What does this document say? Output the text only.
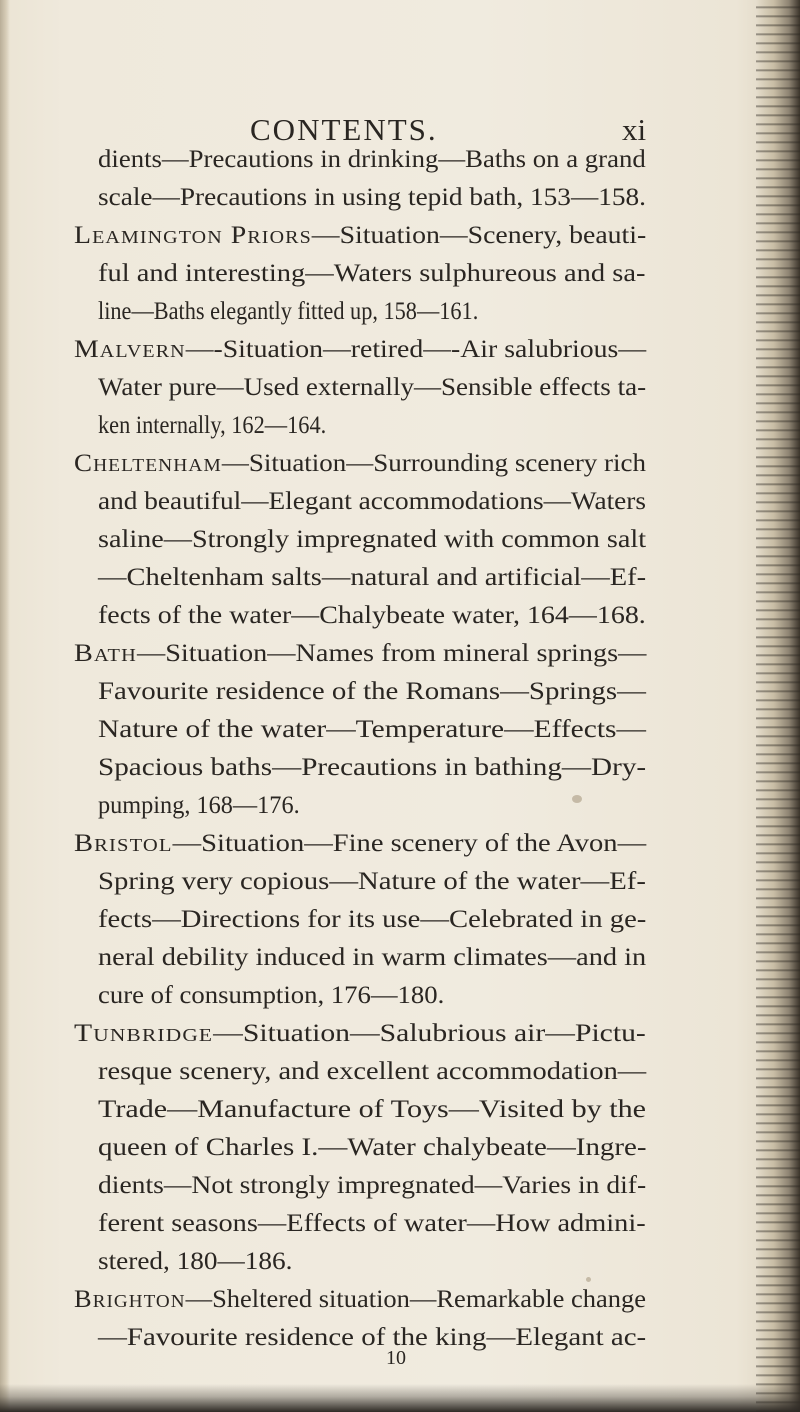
CONTENTS.	xi
dients—Precautions in drinking—Baths on a grand
scale—Precautions in using tepid bath, 153—158.
Leamington Priors—Situation—Scenery, beauti-
ful and interesting—Waters sulphureous and sa-
line—Baths elegantly fitted up, 158—161.
Malvern—-Situation—retired—-Air salubrious—
Water pure—Used externally—Sensible effects ta-
ken internally, 162—164.
Cheltenham—Situation—Surrounding scenery rich
and beautiful—Elegant accommodations—Waters
saline—Strongly impregnated with common salt
—Cheltenham salts—natural and artificial—Ef-
fects of the water—Chalybeate water, 164—168.
Bath—Situation—Names from mineral springs—
Favourite residence of the Romans—Springs—
Nature of the water—Temperature—Effects—
Spacious baths—Precautions in bathing—Dry-
pumping, 168—176.
Bristol—Situation—Fine scenery of the Avon—
Spring very copious—Nature of the water—Ef-
fects—Directions for its use—Celebrated in ge-
neral debility induced in warm climates—and in
cure of consumption, 176—180.
Tunbridge—Situation—Salubrious air—Pictu-
resque scenery, and excellent accommodation—
Trade—Manufacture of Toys—Visited by the
queen of Charles I.—Water chalybeate—Ingre-
dients—Not strongly impregnated—Varies in dif-
ferent seasons—Effects of water—How admini-
stered, 180—186.
Brighton—Sheltered situation—Remarkable change
—Favourite residence of the king—Elegant ac-
10
